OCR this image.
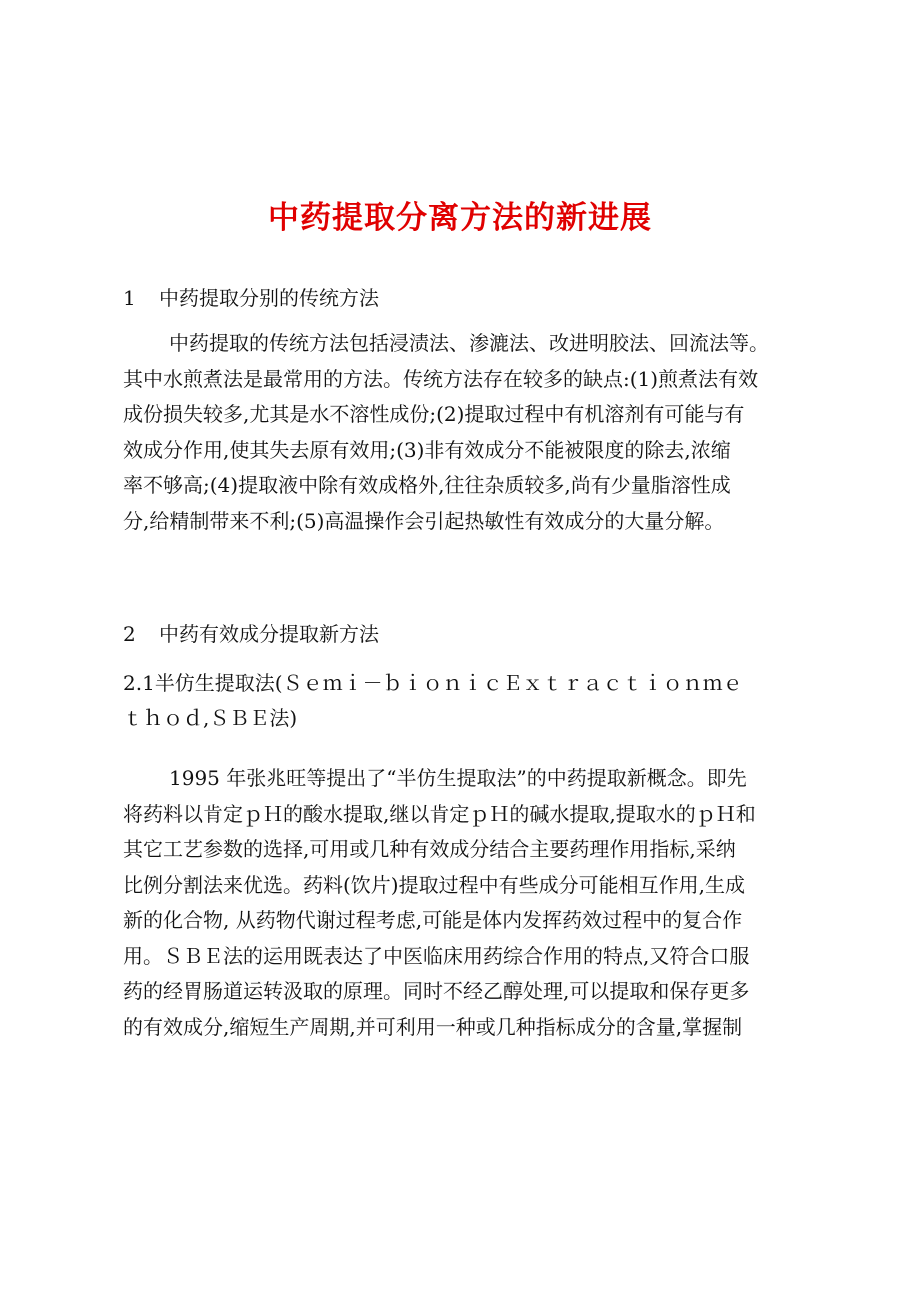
中药提取分离方法的新进展
1 中药提取分别的传统方法
中药提取的传统方法包括浸渍法、渗漉法、改进明胶法、回流法等。
其中水煎煮法是最常用的方法。传统方法存在较多的缺点:(1)煎煮法有效
成份损失较多,尤其是水不溶性成份;(2)提取过程中有机溶剂有可能与有
效成分作用,使其失去原有效用;(3)非有效成分不能被限度的除去,浓缩
率不够高;(4)提取液中除有效成格外,往往杂质较多,尚有少量脂溶性成
分,给精制带来不利;(5)高温操作会引起热敏性有效成分的大量分解。
2 中药有效成分提取新方法
2.1半仿生提取法(Ｓｅｍｉ－ｂｉｏｎｉｃＥｘｔｒａｃｔｉｏｎｍｅ
ｔｈｏｄ,ＳＢＥ法)
1995 年张兆旺等提出了“半仿生提取法”的中药提取新概念。即先
将药料以肯定ｐＨ的酸水提取,继以肯定ｐＨ的碱水提取,提取水的ｐＨ和
其它工艺参数的选择,可用或几种有效成分结合主要药理作用指标,采纳
比例分割法来优选。药料(饮片)提取过程中有些成分可能相互作用,生成
新的化合物, 从药物代谢过程考虑,可能是体内发挥药效过程中的复合作
用。ＳＢＥ法的运用既表达了中医临床用药综合作用的特点,又符合口服
药的经胃肠道运转汲取的原理。同时不经乙醇处理,可以提取和保存更多
的有效成分,缩短生产周期,并可利用一种或几种指标成分的含量,掌握制
